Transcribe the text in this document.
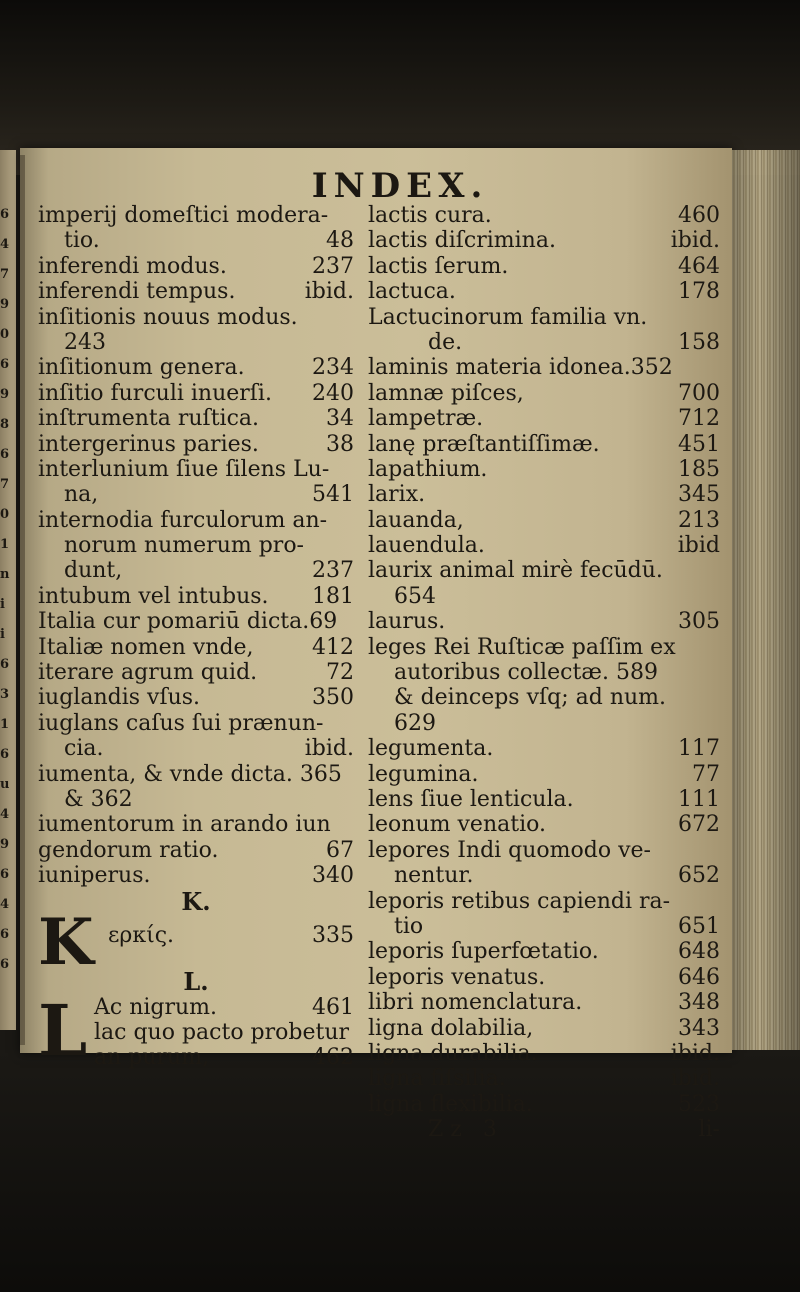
6
4
7
9
0
6
9
8
6
7
0
1
n
i
i
6
3
1
6
u
4
9
6
4
6
6
INDEX.
imperij domeſtici modera-
tio.	48
inferendi modus.	237
inferendi tempus.	ibid.
inſitionis nouus modus.
243
inſitionum genera.	234
inſitio furculi inuerſi. 240
inſtrumenta ruſtica.	34
intergerinus paries.	38
interlunium ſiue ſilens Lu-
na,	541
internodia furculorum an-
norum numerum pro-
dunt,	237
intubum vel intubus. 181
Italia cur pomariū dicta.69
Italiæ nomen vnde,	412
iterare agrum quid.	72
iuglandis vſus.	350
iuglans caſus ſui prænun-
cia.	ibid.
iumenta, & vnde dicta. 365
& 362
iumentorum in arando iun
gendorum ratio.	67
iuniperus.	340
K.
K ερκίς.	335
L.
L Ac nigrum.	461
lac quo pacto probetur
an purum,	462
lactis cura.	460
lactis diſcrimina.	ibid.
lactis ſerum.	464
lactuca.	178
Lactucinorum familia vn.
de.	158
laminis materia idonea.352
lamnæ piſces,	700
lampetræ.	712
lanę præſtantiſſimæ.	451
lapathium.	185
larix.	345
lauanda,	213
lauendula.	ibid
laurix animal mirè fecūdū.
654
laurus.	305
leges Rei Ruſticæ paſſim ex
autoribus collectæ. 589
& deinceps vſq; ad num.
629
legumenta.	117
legumina.	77
lens ſiue lenticula.	111
leonum venatio.	672
lepores Indi quomodo ve-
nentur.	652
leporis retibus capiendi ra-
tio	651
leporis ſuperfœtatio.	648
leporis venatus.	646
libri nomenclatura.	348
ligna dolabilia,	343
ligna durabilia.	ibid.
ligna fiſsilia.	ibid.
ligna flexibilia.	523
Z z   3	li-
